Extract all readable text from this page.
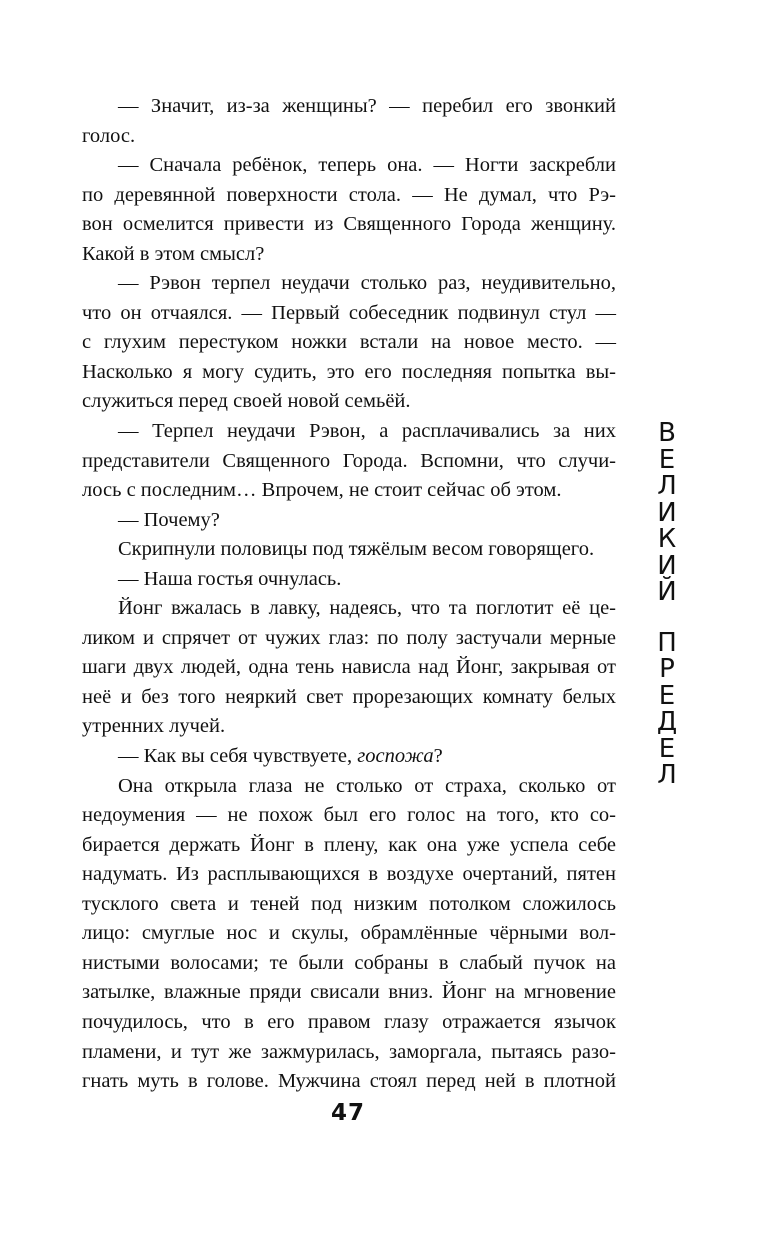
— Значит, из-за женщины? — перебил его звонкий
голос.
— Сначала ребёнок, теперь она. — Ногти заскребли
по деревянной поверхности стола. — Не думал, что Рэ-
вон осмелится привести из Священного Города женщину.
Какой в этом смысл?
— Рэвон терпел неудачи столько раз, неудивительно,
что он отчаялся. — Первый собеседник подвинул стул —
с глухим перестуком ножки встали на новое место. —
Насколько я могу судить, это его последняя попытка вы-
служиться перед своей новой семьёй.
— Терпел неудачи Рэвон, а расплачивались за них
представители Священного Города. Вспомни, что случи-
лось с последним… Впрочем, не стоит сейчас об этом.
— Почему?
Скрипнули половицы под тяжёлым весом говорящего.
— Наша гостья очнулась.
Йонг вжалась в лавку, надеясь, что та поглотит её це-
ликом и спрячет от чужих глаз: по полу застучали мерные
шаги двух людей, одна тень нависла над Йонг, закрывая от
неё и без того неяркий свет прорезающих комнату белых
утренних лучей.
— Как вы себя чувствуете, госпожа?
Она открыла глаза не столько от страха, сколько от
недоумения — не похож был его голос на того, кто со-
бирается держать Йонг в плену, как она уже успела себе
надумать. Из расплывающихся в воздухе очертаний, пятен
тусклого света и теней под низким потолком сложилось
лицо: смуглые нос и скулы, обрамлённые чёрными вол-
нистыми волосами; те были собраны в слабый пучок на
затылке, влажные пряди свисали вниз. Йонг на мгновение
почудилось, что в его правом глазу отражается язычок
пламени, и тут же зажмурилась, заморгала, пытаясь разо-
гнать муть в голове. Мужчина стоял перед ней в плотной
47
В
Е
Л
И
К
И
Й
П
Р
Е
Д
Е
Л
